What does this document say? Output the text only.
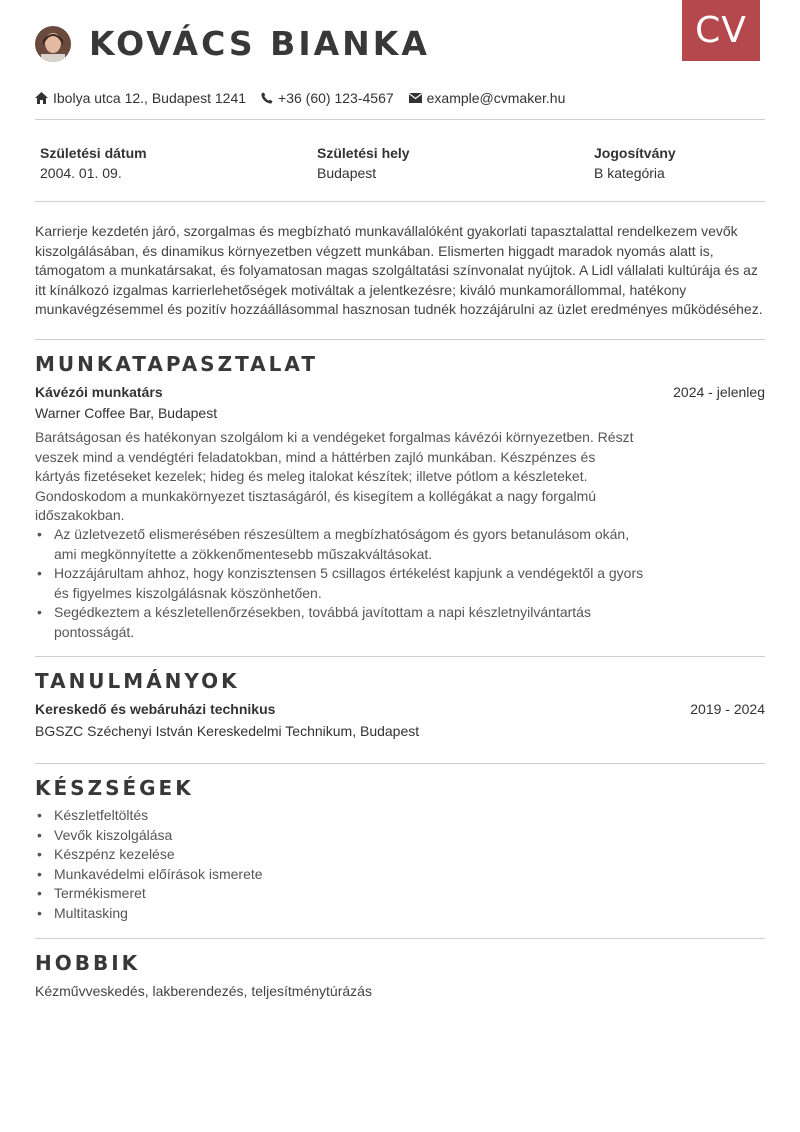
CV
KOVÁCS BIANKA
Ibolya utca 12., Budapest 1241 +36 (60) 123-4567 example@cvmaker.hu
Születési dátum
2004. 01. 09.
Születési hely
Budapest
Jogosítvány
B kategória
Karrierje kezdetén járó, szorgalmas és megbízható munkavállalóként gyakorlati tapasztalattal rendelkezem vevők kiszolgálásában, és dinamikus környezetben végzett munkában. Elismerten higgadt maradok nyomás alatt is, támogatom a munkatársakat, és folyamatosan magas szolgáltatási színvonalat nyújtok. A Lidl vállalati kultúrája és az itt kínálkozó izgalmas karrierlehetőségek motiváltak a jelentkezésre; kiváló munkamorállommal, hatékony munkavégzésemmel és pozitív hozzáállásommal hasznosan tudnék hozzájárulni az üzlet eredményes működéséhez.
MUNKATAPASZTALAT
Kávézói munkatárs	2024 - jelenleg
Warner Coffee Bar, Budapest
Barátságosan és hatékonyan szolgálom ki a vendégeket forgalmas kávézói környezetben. Részt veszek mind a vendégtéri feladatokban, mind a háttérben zajló munkában. Készpénzes és kártyás fizetéseket kezelek; hideg és meleg italokat készítek; illetve pótlom a készleteket. Gondoskodom a munkakörnyezet tisztaságáról, és kisegítem a kollégákat a nagy forgalmú időszakokban.
• Az üzletvezető elismerésében részesültem a megbízhatóságom és gyors betanulásom okán, ami megkönnyítette a zökkenőmentesebb műszakváltásokat.
• Hozzájárultam ahhoz, hogy konzisztensen 5 csillagos értékelést kapjunk a vendégektől a gyors és figyelmes kiszolgálásnak köszönhetően.
• Segédkeztem a készletellenőrzésekben, továbbá javítottam a napi készletnyilvántartás pontosságát.
TANULMÁNYOK
Kereskedő és webáruházi technikus	2019 - 2024
BGSZC Széchenyi István Kereskedelmi Technikum, Budapest
KÉSZSÉGEK
• Készletfeltöltés
• Vevők kiszolgálása
• Készpénz kezelése
• Munkavédelmi előírások ismerete
• Termékismeret
• Multitasking
HOBBIK
Kézművveskedés, lakberendezés, teljesítménytúrázás
